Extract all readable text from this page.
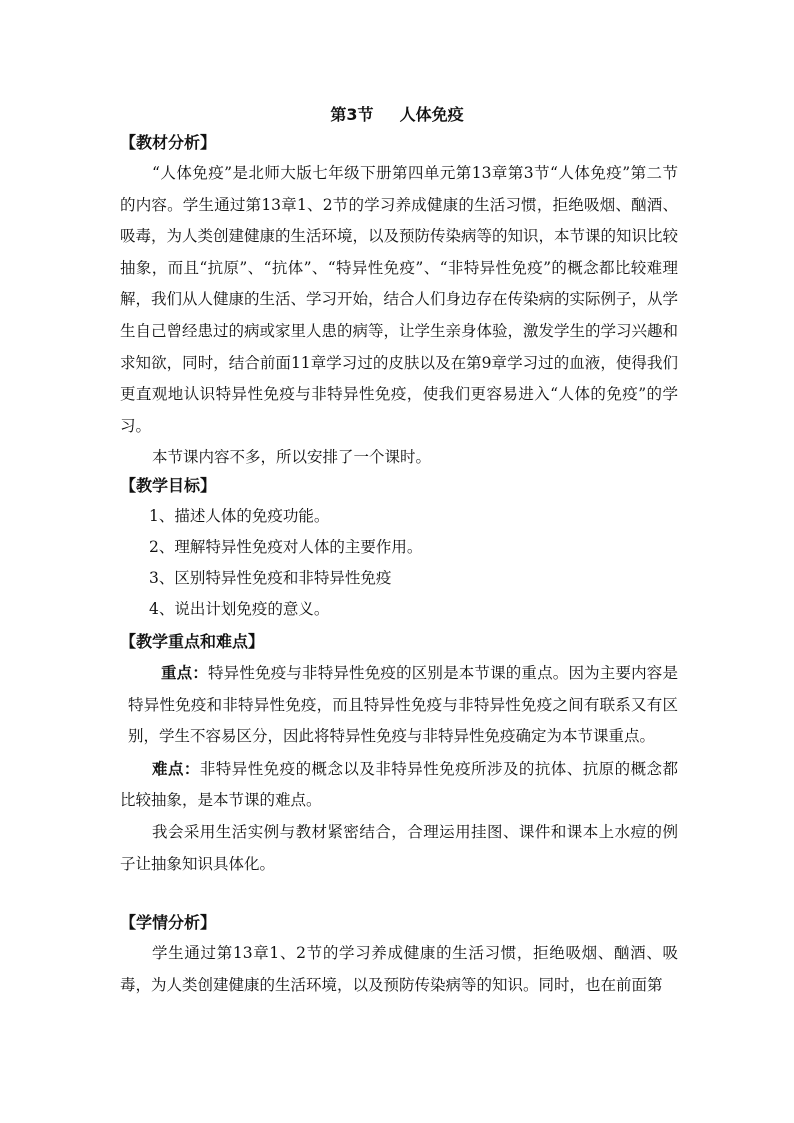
第3节 人体免疫
【教材分析】

“人体免疫”是北师大版七年级下册第四单元第13章第3节“人体免疫”第二节的内容。学生通过第13章1、2节的学习养成健康的生活习惯，拒绝吸烟、酗酒、吸毒，为人类创建健康的生活环境，以及预防传染病等的知识，本节课的知识比较抽象，而且“抗原”、“抗体”、“特异性免疫”、“非特异性免疫”的概念都比较难理解，我们从人健康的生活、学习开始，结合人们身边存在传染病的实际例子，从学生自己曾经患过的病或家里人患的病等，让学生亲身体验，激发学生的学习兴趣和求知欲，同时，结合前面11章学习过的皮肤以及在第9章学习过的血液，使得我们更直观地认识特异性免疫与非特异性免疫，使我们更容易进入“人体的免疫”的学习。

本节课内容不多，所以安排了一个课时。

【教学目标】

1、描述人体的免疫功能。

2、理解特异性免疫对人体的主要作用。

3、区别特异性免疫和非特异性免疫

4、说出计划免疫的意义。

【教学重点和难点】

重点：特异性免疫与非特异性免疫的区别是本节课的重点。因为主要内容是特异性免疫和非特异性免疫，而且特异性免疫与非特异性免疫之间有联系又有区别，学生不容易区分，因此将特异性免疫与非特异性免疫确定为本节课重点。

难点：非特异性免疫的概念以及非特异性免疫所涉及的抗体、抗原的概念都比较抽象，是本节课的难点。

我会采用生活实例与教材紧密结合，合理运用挂图、课件和课本上水痘的例子让抽象知识具体化。

【学情分析】

学生通过第13章1、2节的学习养成健康的生活习惯，拒绝吸烟、酗酒、吸毒，为人类创建健康的生活环境，以及预防传染病等的知识。同时，也在前面第
